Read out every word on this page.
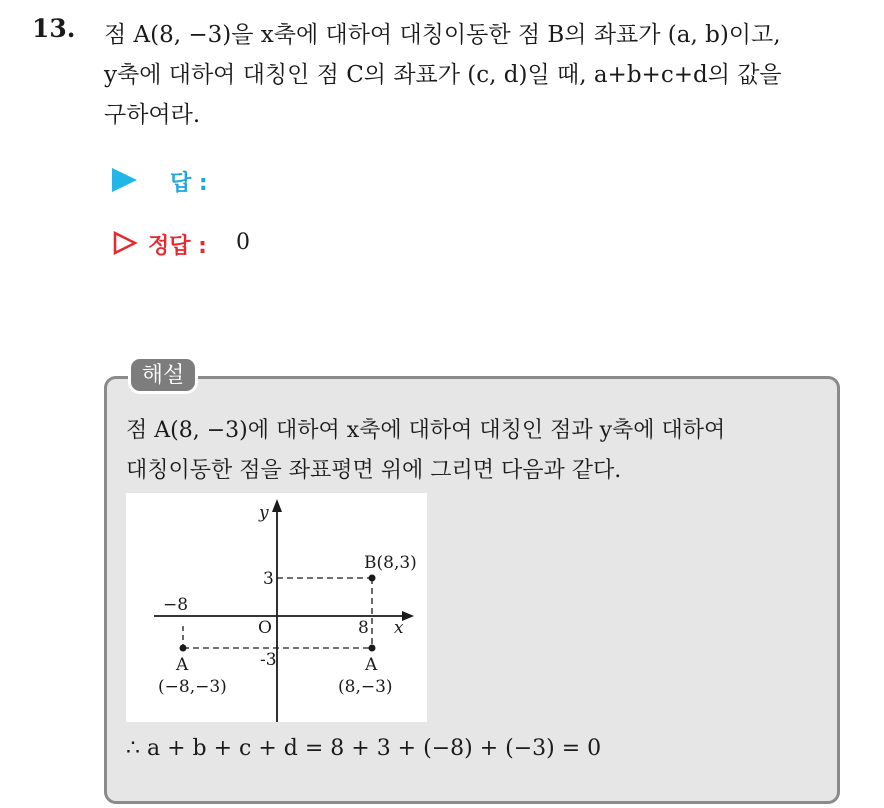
13. 점 A(8, −3)을 x축에 대하여 대칭이동한 점 B의 좌표가 (a, b)이고,
y축에 대하여 대칭인 점 C의 좌표가 (c, d)일 때, a+b+c+d의 값을
구하여라.
답 :
정답 : 0
해설
점 A(8, −3)에 대하여 x축에 대하여 대칭인 점과 y축에 대하여
대칭이동한 점을 좌표평면 위에 그리면 다음과 같다.
y
x
O
3
-3
8
−8
B(8,3)
A
(8,−3)
A
(−8,−3)
∴ a + b + c + d = 8 + 3 + (−8) + (−3) = 0
